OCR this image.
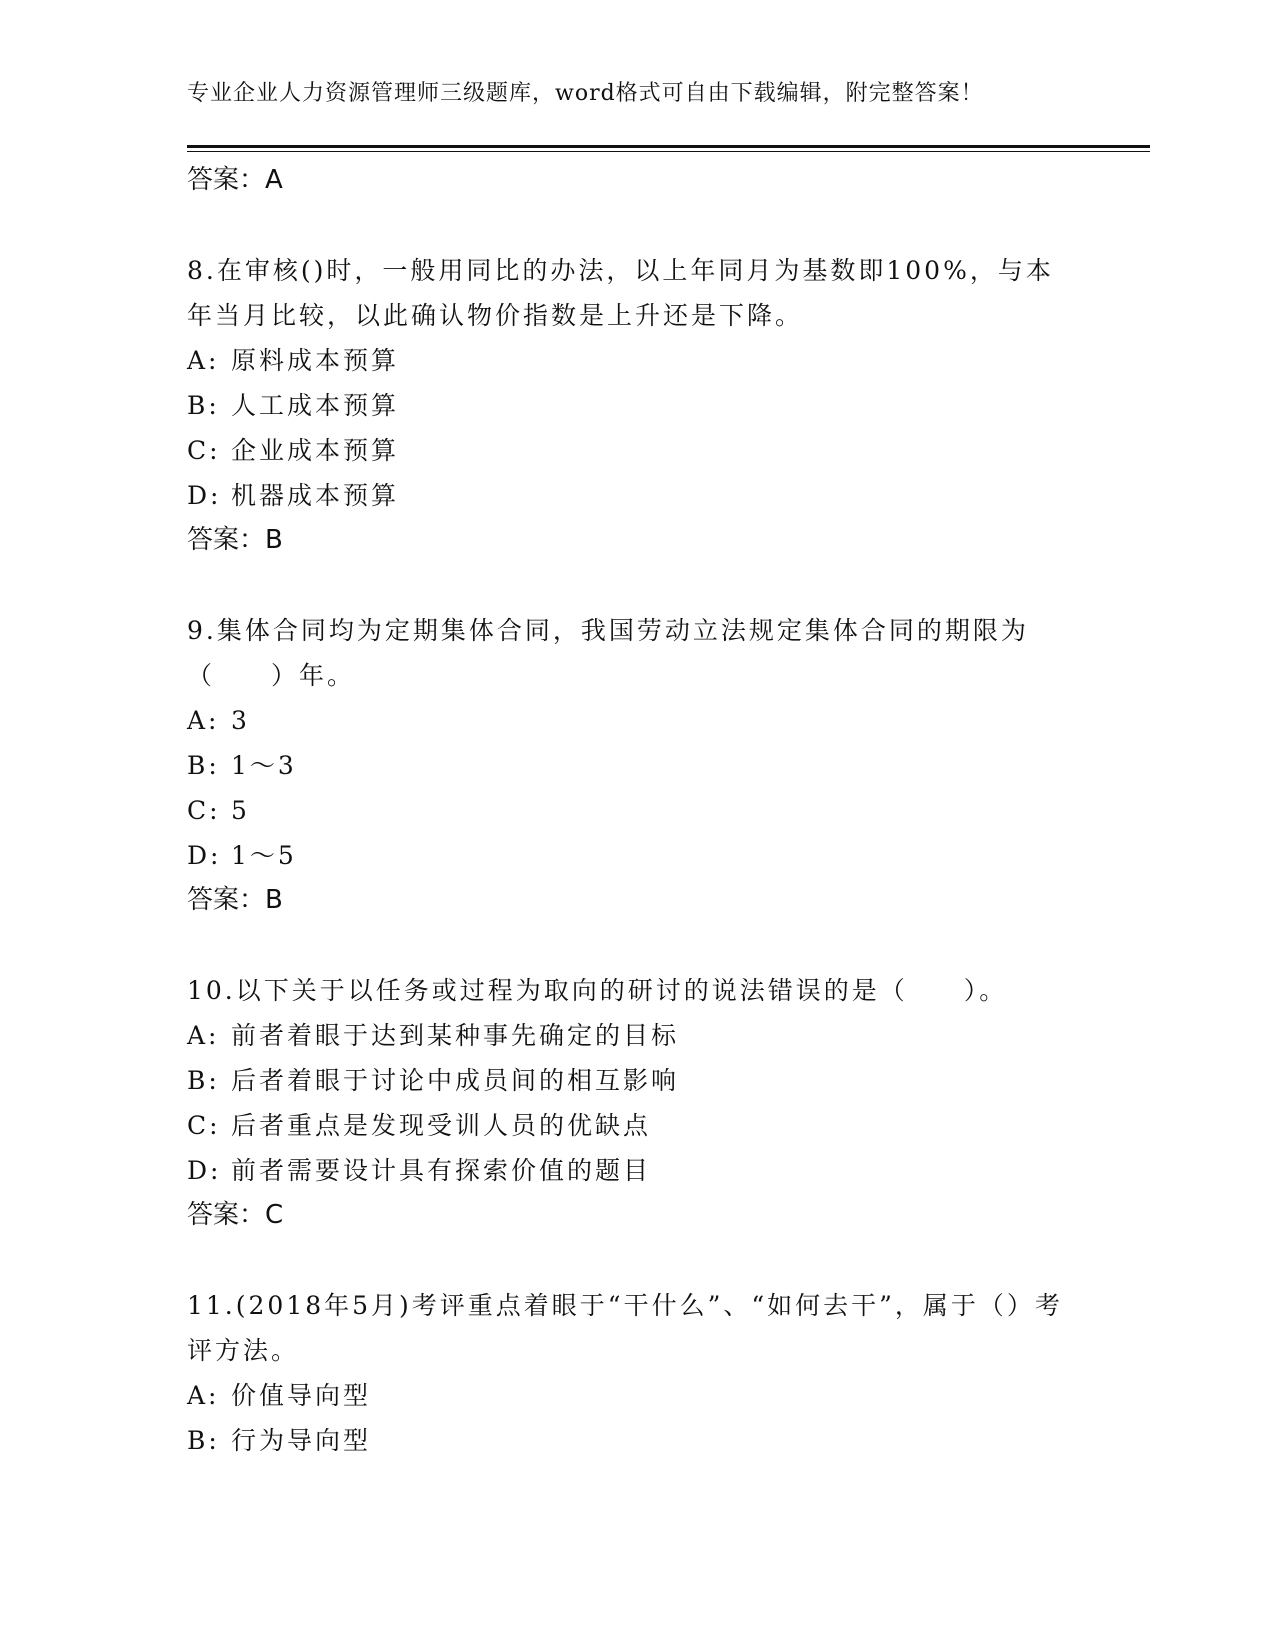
专业企业人力资源管理师三级题库，word格式可自由下载编辑，附完整答案！
答案：A
8.在审核()时，一般用同比的办法，以上年同月为基数即100%，与本年当月比较，以此确认物价指数是上升还是下降。
A: 原料成本预算
B: 人工成本预算
C: 企业成本预算
D: 机器成本预算
答案：B
9.集体合同均为定期集体合同，我国劳动立法规定集体合同的期限为（　　）年。
A: 3
B: 1～3
C: 5
D: 1～5
答案：B
10.以下关于以任务或过程为取向的研讨的说法错误的是（　　）。
A: 前者着眼于达到某种事先确定的目标
B: 后者着眼于讨论中成员间的相互影响
C: 后者重点是发现受训人员的优缺点
D: 前者需要设计具有探索价值的题目
答案：C
11.(2018年5月)考评重点着眼于“干什么”、“如何去干”，属于（）考评方法。
A: 价值导向型
B: 行为导向型
